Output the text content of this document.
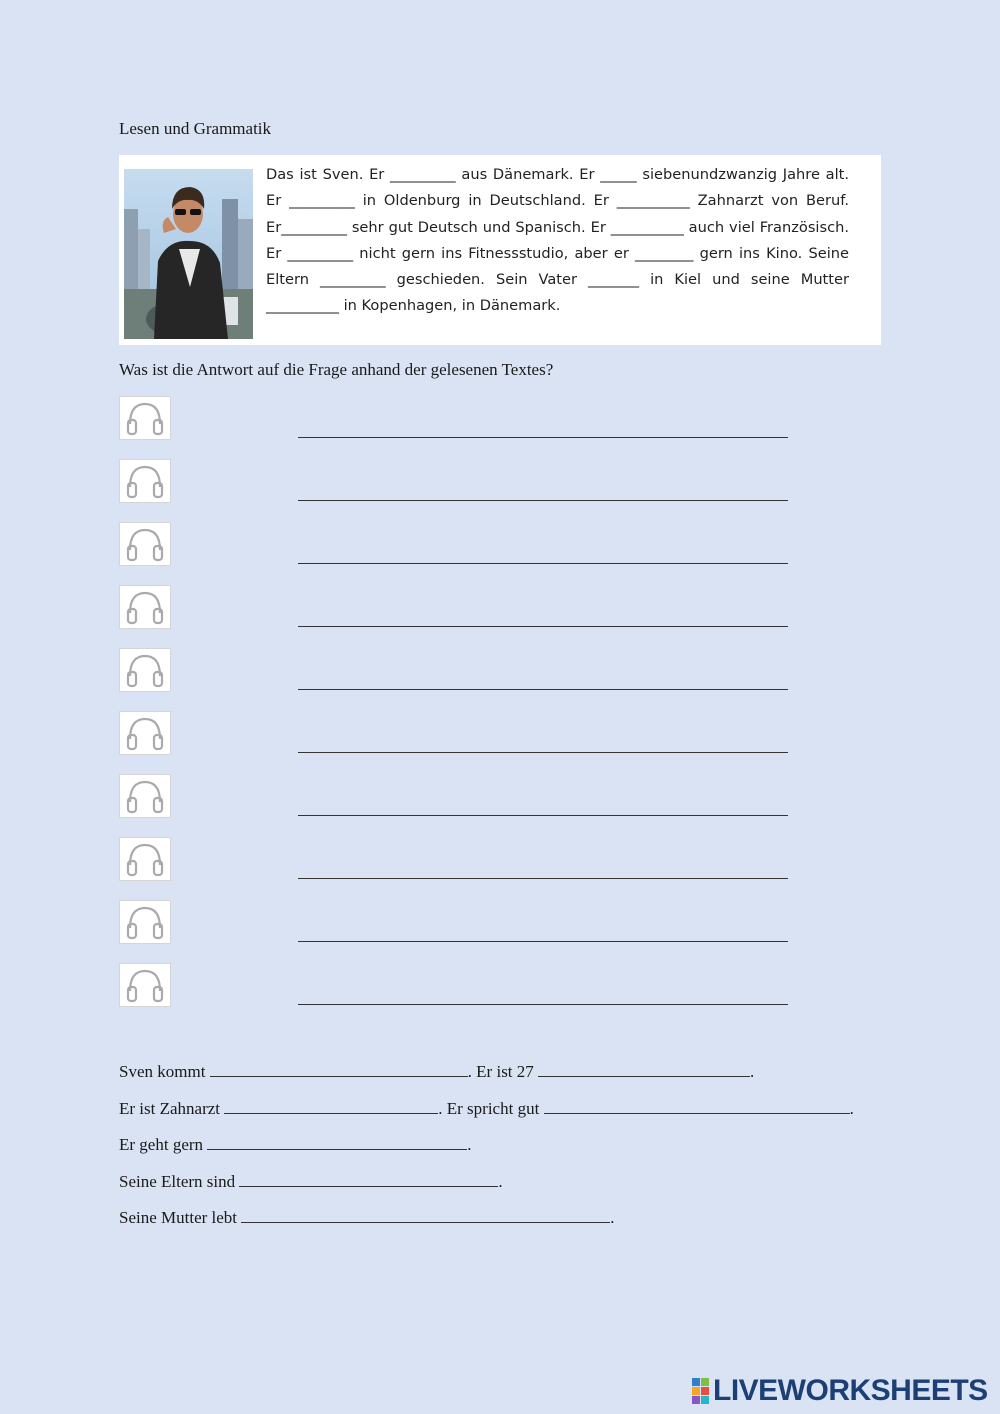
Lesen und Grammatik
Das ist Sven. Er _________ aus Dänemark. Er _____ siebenundzwanzig Jahre alt. Er _________ in Oldenburg in Deutschland. Er __________ Zahnarzt von Beruf. Er_________ sehr gut Deutsch und Spanisch. Er __________ auch viel Französisch. Er _________ nicht gern ins Fitnessstudio, aber er ________ gern ins Kino. Seine Eltern _________ geschieden. Sein Vater _______ in Kiel und seine Mutter __________ in Kopenhagen, in Dänemark.
Was ist die Antwort auf die Frage anhand der gelesenen Textes?
Sven kommt	. Er ist 27	.
Er ist Zahnarzt	. Er spricht gut	.
Er geht gern	.
Seine Eltern sind	.
Seine Mutter lebt	.
LIVEWORKSHEETS
